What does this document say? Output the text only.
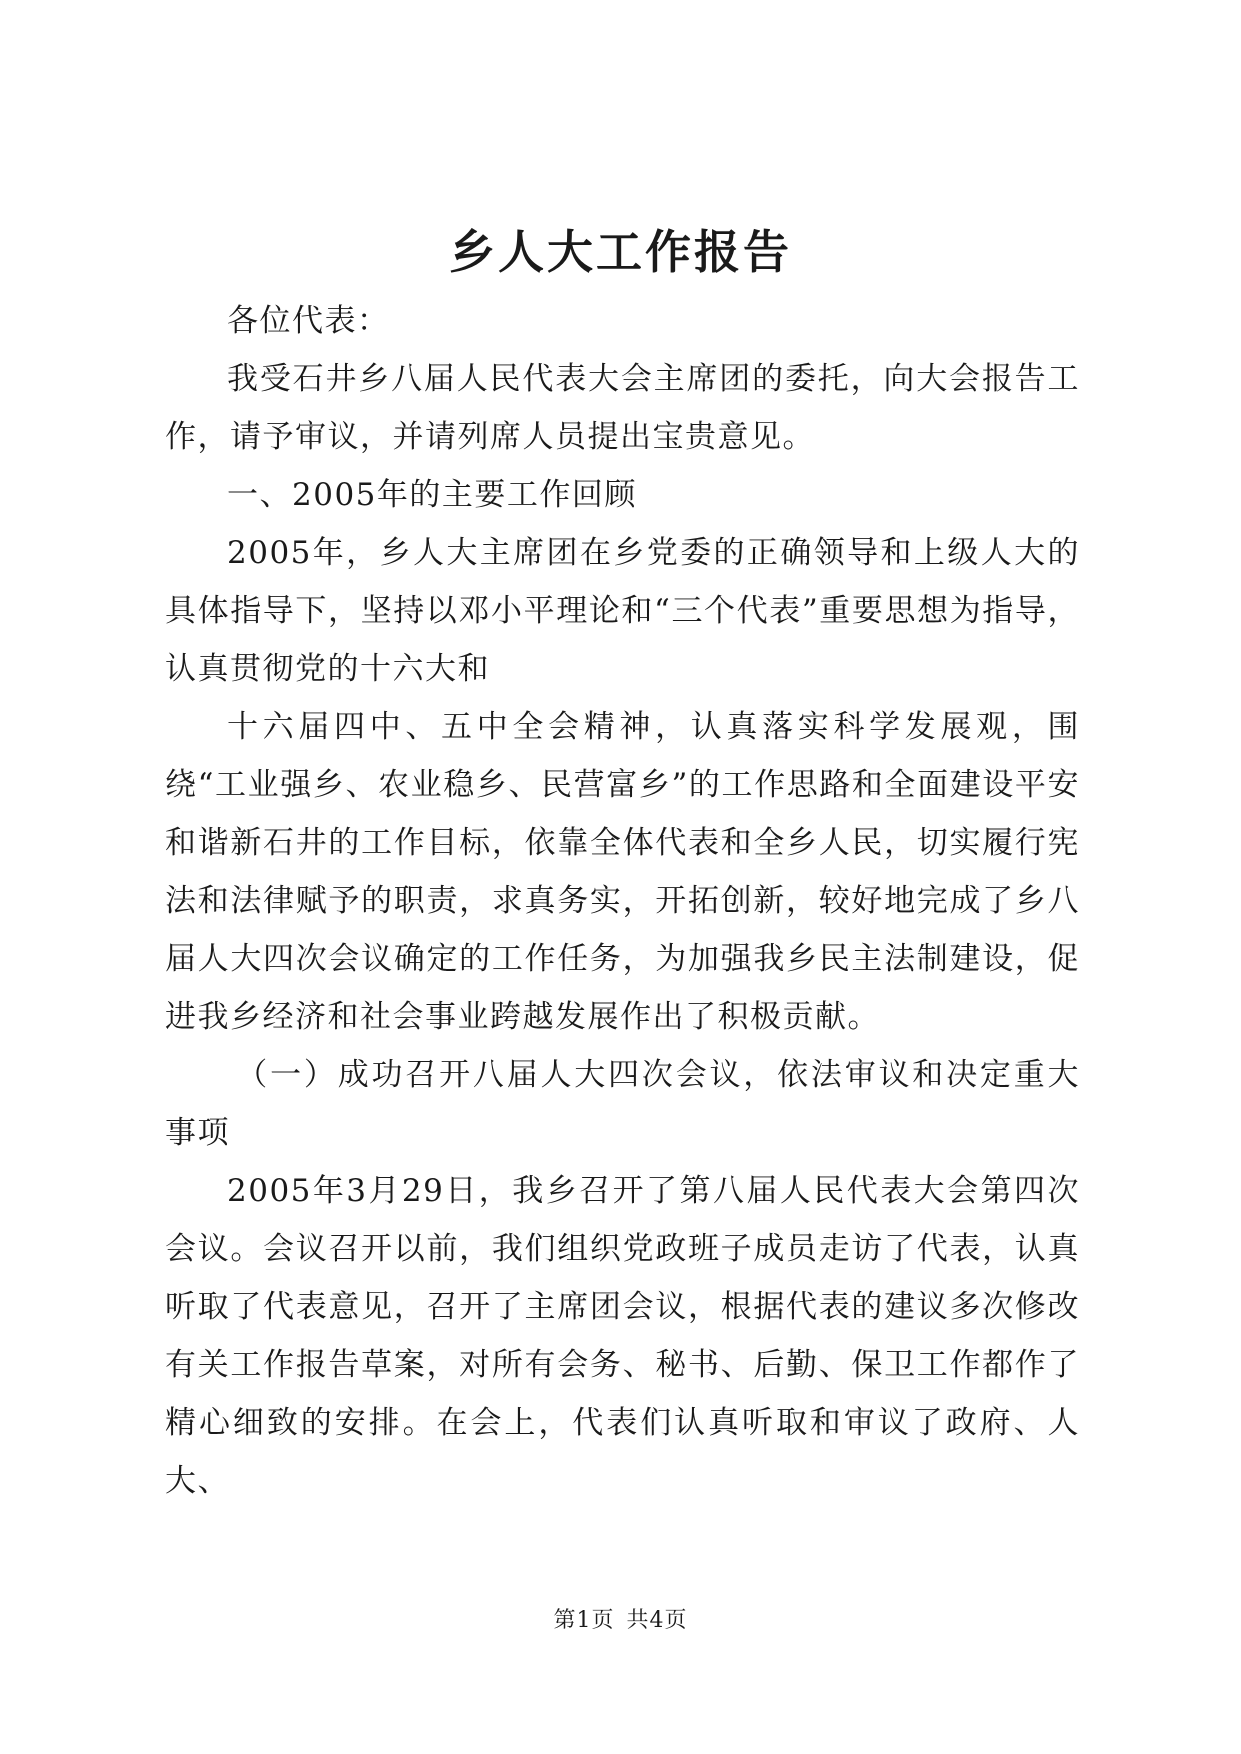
乡人大工作报告

各位代表：

我受石井乡八届人民代表大会主席团的委托，向大会报告工作，请予审议，并请列席人员提出宝贵意见。

一、2005年的主要工作回顾

2005年，乡人大主席团在乡党委的正确领导和上级人大的具体指导下，坚持以邓小平理论和“三个代表”重要思想为指导，认真贯彻党的十六大和

十六届四中、五中全会精神，认真落实科学发展观，围绕“工业强乡、农业稳乡、民营富乡”的工作思路和全面建设平安和谐新石井的工作目标，依靠全体代表和全乡人民，切实履行宪法和法律赋予的职责，求真务实，开拓创新，较好地完成了乡八届人大四次会议确定的工作任务，为加强我乡民主法制建设，促进我乡经济和社会事业跨越发展作出了积极贡献。

（一）成功召开八届人大四次会议，依法审议和决定重大事项

2005年3月29日，我乡召开了第八届人民代表大会第四次会议。会议召开以前，我们组织党政班子成员走访了代表，认真听取了代表意见，召开了主席团会议，根据代表的建议多次修改有关工作报告草案，对所有会务、秘书、后勤、保卫工作都作了精心细致的安排。在会上，代表们认真听取和审议了政府、人大、

第1页 共4页
